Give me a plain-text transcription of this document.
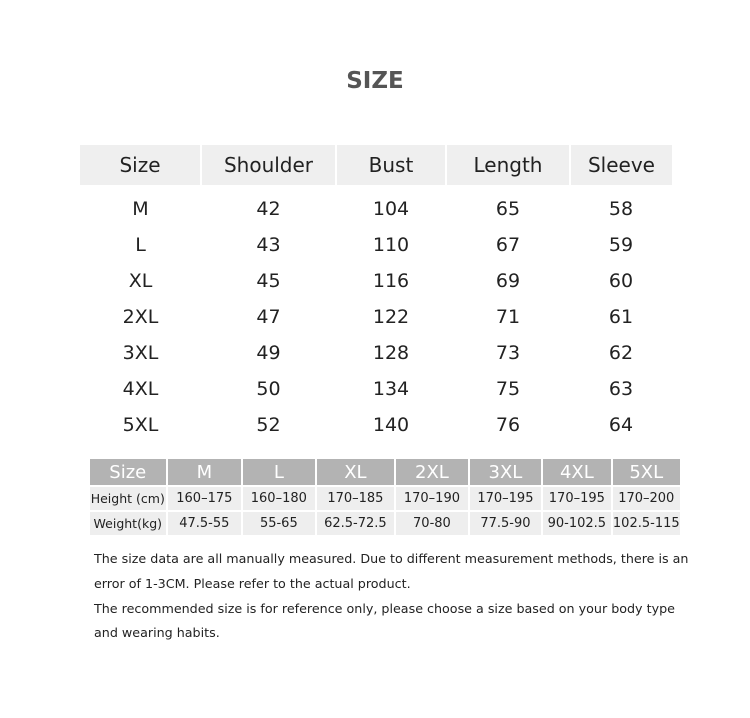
SIZE
Size	Shoulder	Bust	Length	Sleeve
M	42	104	65	58
L	43	110	67	59
XL	45	116	69	60
2XL	47	122	71	61
3XL	49	128	73	62
4XL	50	134	75	63
5XL	52	140	76	64
Size	M	L	XL	2XL	3XL	4XL	5XL
Height (cm)	160–175	160–180	170–185	170–190	170–195	170–195	170–200
Weight(kg)	47.5-55	55-65	62.5-72.5	70-80	77.5-90	90-102.5	102.5-115

The size data are all manually measured. Due to different measurement methods, there is an error of 1-3CM. Please refer to the actual product.

The recommended size is for reference only, please choose a size based on your body type and wearing habits.
